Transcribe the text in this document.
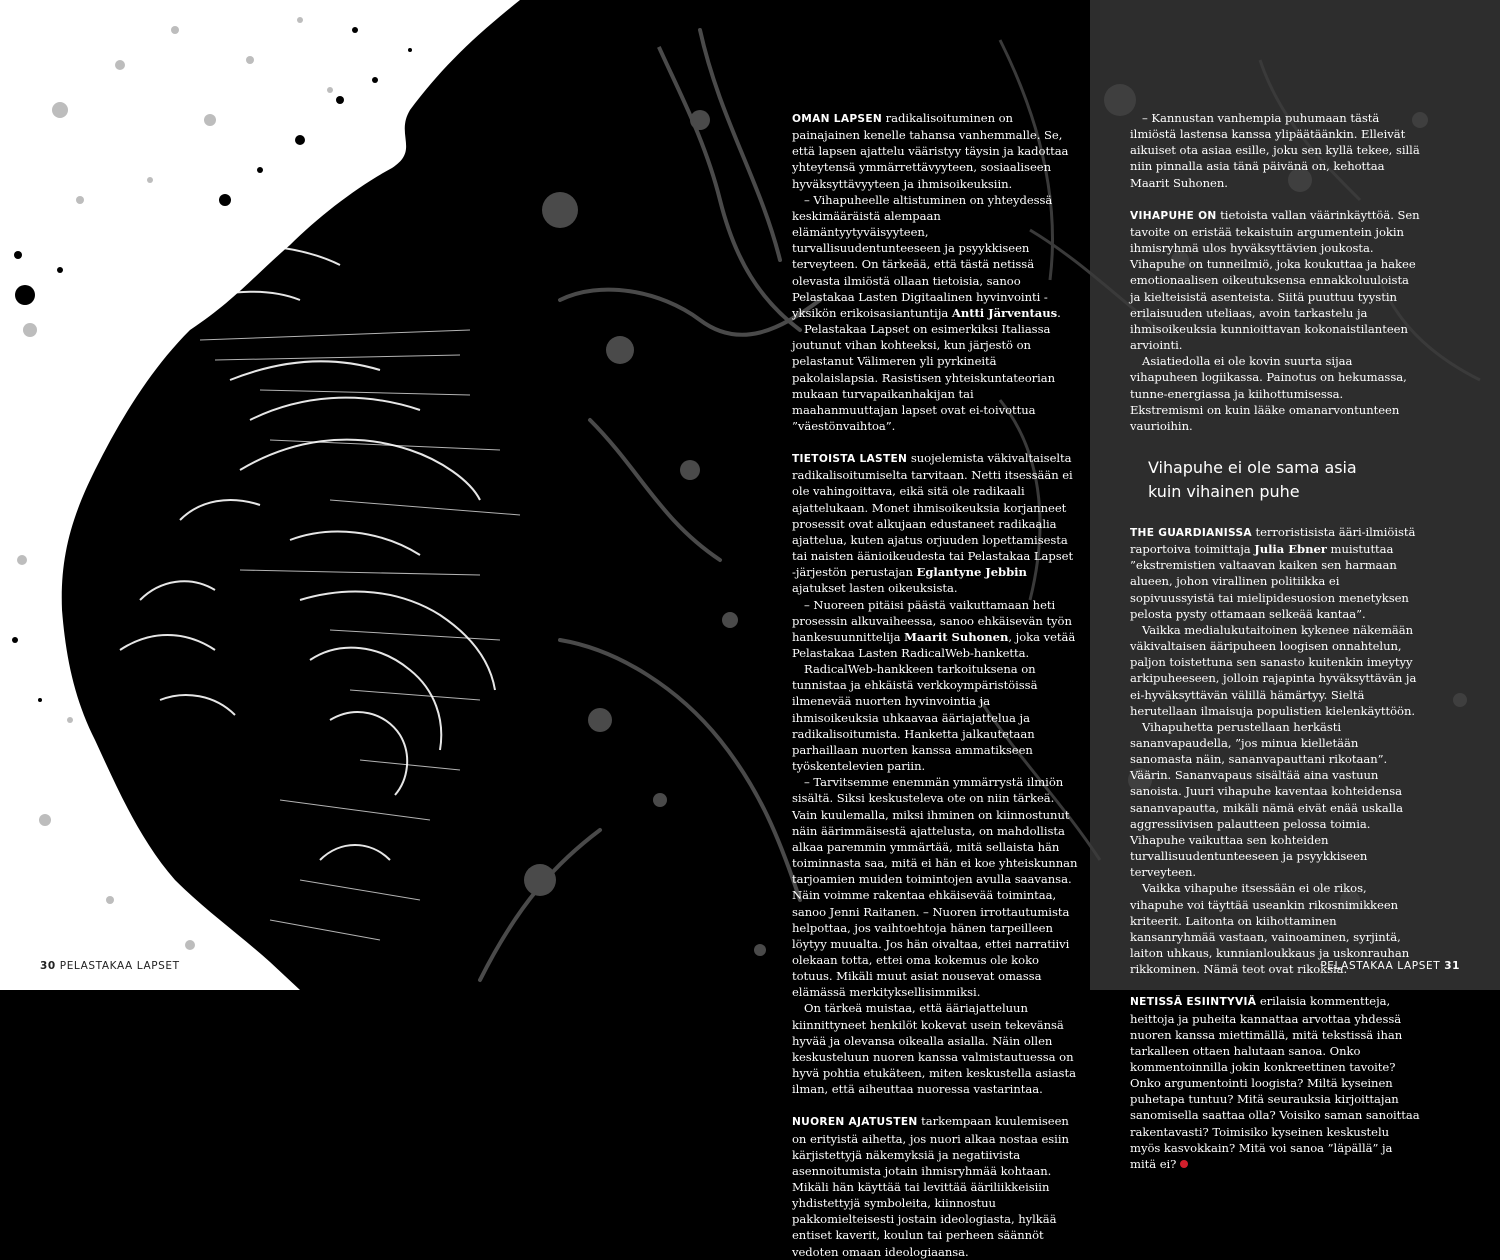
OMAN LAPSEN radikalisoituminen on painajainen kenelle tahansa vanhemmalle. Se, että lapsen ajattelu vääristyy täysin ja kadottaa yhteytensä ymmärrettävyyteen, sosiaaliseen hyväksyttävyyteen ja ihmisoikeuksiin.

– Vihapuheelle altistuminen on yhteydessä keskimääräistä alempaan elämäntyytyväisyyteen, turvallisuudentunteeseen ja psyykkiseen terveyteen. On tärkeää, että tästä netissä olevasta ilmiöstä ollaan tietoisia, sanoo Pelastakaa Lasten Digitaalinen hyvinvointi -yksikön erikoisasiantuntija Antti Järventaus.

Pelastakaa Lapset on esimerkiksi Italiassa joutunut vihan kohteeksi, kun järjestö on pelastanut Välimeren yli pyrkineitä pakolaislapsia. Rasistisen yhteiskuntateorian mukaan turvapaikanhakijan tai maahanmuuttajan lapset ovat ei-toivottua ”väestönvaihtoa”.

TIETOISTA LASTEN suojelemista väkivaltaiselta radikalisoitumiselta tarvitaan. Netti itsessään ei ole vahingoittava, eikä sitä ole radikaali ajattelukaan. Monet ihmisoikeuksia korjanneet prosessit ovat alkujaan edustaneet radikaalia ajattelua, kuten ajatus orjuuden lopettamisesta tai naisten äänioikeudesta tai Pelastakaa Lapset -järjestön perustajan Eglantyne Jebbin ajatukset lasten oikeuksista.

– Nuoreen pitäisi päästä vaikuttamaan heti prosessin alkuvaiheessa, sanoo ehkäisevän työn hankesuunnittelija Maarit Suhonen, joka vetää Pelastakaa Lasten RadicalWeb-hanketta.

RadicalWeb-hankkeen tarkoituksena on tunnistaa ja ehkäistä verkkoympäristöissä ilmenevää nuorten hyvinvointia ja ihmisoikeuksia uhkaavaa ääriajattelua ja radikalisoitumista. Hanketta jalkautetaan parhaillaan nuorten kanssa ammatikseen työskentelevien pariin.

– Tarvitsemme enemmän ymmärrystä ilmiön sisältä. Siksi keskusteleva ote on niin tärkeä. Vain kuulemalla, miksi ihminen on kiinnostunut näin äärimmäisestä ajattelusta, on mahdollista alkaa paremmin ymmärtää, mitä sellaista hän toiminnasta saa, mitä ei hän ei koe yhteiskunnan tarjoamien muiden toimintojen avulla saavansa. Näin voimme rakentaa ehkäisevää toimintaa, sanoo Jenni Raitanen. – Nuoren irrottautumista helpottaa, jos vaihtoehtoja hänen tarpeilleen löytyy muualta. Jos hän oivaltaa, ettei narratiivi olekaan totta, ettei oma kokemus ole koko totuus. Mikäli muut asiat nousevat omassa elämässä merkityksellisimmiksi.

On tärkeä muistaa, että ääriajatteluun kiinnittyneet henkilöt kokevat usein tekevänsä hyvää ja olevansa oikealla asialla. Näin ollen keskusteluun nuoren kanssa valmistautuessa on hyvä pohtia etukäteen, miten keskustella asiasta ilman, että aiheuttaa nuoressa vastarintaa.

NUOREN AJATUSTEN tarkempaan kuulemiseen on erityistä aihetta, jos nuori alkaa nostaa esiin kärjistettyjä näkemyksiä ja negatiivista asennoitumista jotain ihmisryhmää kohtaan. Mikäli hän käyttää tai levittää ääriliikkeisiin yhdistettyjä symboleita, kiinnostuu pakkomielteisesti jostain ideologiasta, hylkää entiset kaverit, koulun tai perheen säännöt vedoten omaan ideologiaansa.

– Kannustan vanhempia puhumaan tästä ilmiöstä lastensa kanssa ylipäätäänkin. Elleivät aikuiset ota asiaa esille, joku sen kyllä tekee, sillä niin pinnalla asia tänä päivänä on, kehottaa Maarit Suhonen.

VIHAPUHE ON tietoista vallan väärinkäyttöä. Sen tavoite on eristää tekaistuin argumentein jokin ihmisryhmä ulos hyväksyttävien joukosta. Vihapuhe on tunneilmiö, joka koukuttaa ja hakee emotionaalisen oikeutuksensa ennakkoluuloista ja kielteisistä asenteista. Siitä puuttuu tyystin erilaisuuden uteliaas, avoin tarkastelu ja ihmisoikeuksia kunnioittavan kokonaistilanteen arviointi.

Asiatiedolla ei ole kovin suurta sijaa vihapuheen logiikassa. Painotus on hekumassa, tunne-energiassa ja kiihottumisessa. Ekstremismi on kuin lääke omanarvontunteen vaurioihin.

Vihapuhe ei ole sama asia
kuin vihainen puhe

THE GUARDIANISSA terroristisista ääri-ilmiöistä raportoiva toimittaja Julia Ebner muistuttaa ”ekstremistien valtaavan kaiken sen harmaan alueen, johon virallinen politiikka ei sopivuussyistä tai mielipidesuosion menetyksen pelosta pysty ottamaan selkeää kantaa”.

Vaikka medialukutaitoinen kykenee näkemään väkivaltaisen ääripuheen loogisen onnahtelun, paljon toistettuna sen sanasto kuitenkin imeytyy arkipuheeseen, jolloin rajapinta hyväksyttävän ja ei-hyväksyttävän välillä hämärtyy. Sieltä herutellaan ilmaisuja populistien kielenkäyttöön.

Vihapuhetta perustellaan herkästi sananvapaudella, ”jos minua kielletään sanomasta näin, sananvapauttani rikotaan”. Väärin. Sananvapaus sisältää aina vastuun sanoista. Juuri vihapuhe kaventaa kohteidensa sananvapautta, mikäli nämä eivät enää uskalla aggressiivisen palautteen pelossa toimia. Vihapuhe vaikuttaa sen kohteiden turvallisuudentunteeseen ja psyykkiseen terveyteen.

Vaikka vihapuhe itsessään ei ole rikos, vihapuhe voi täyttää useankin rikosnimikkeen kriteerit. Laitonta on kiihottaminen kansanryhmää vastaan, vainoaminen, syrjintä, laiton uhkaus, kunnianloukkaus ja uskonrauhan rikkominen. Nämä teot ovat rikoksia.

NETISSÄ ESIINTYVIÄ erilaisia kommentteja, heittoja ja puheita kannattaa arvottaa yhdessä nuoren kanssa miettimällä, mitä tekstissä ihan tarkalleen ottaen halutaan sanoa. Onko kommentoinnilla jokin konkreettinen tavoite? Onko argumentointi loogista? Miltä kyseinen puhetapa tuntuu? Mitä seurauksia kirjoittajan sanomisella saattaa olla? Voisiko saman sanoittaa rakentavasti? Toimisiko kyseinen keskustelu myös kasvokkain? Mitä voi sanoa ”läpällä” ja mitä ei?

30 PELASTAKAA LAPSET	PELASTAKAA LAPSET 31
